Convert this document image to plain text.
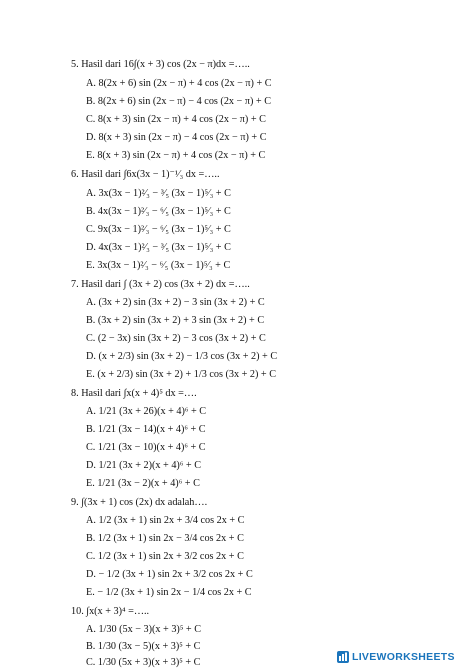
5. Hasil dari 16∫(x + 3) cos (2x − π)dx =…..
A. 8(2x + 6) sin (2x − π) + 4 cos (2x − π) + C
B. 8(2x + 6) sin (2x − π) − 4 cos (2x − π) + C
C. 8(x + 3) sin (2x − π) + 4 cos (2x − π) + C
D. 8(x + 3) sin (2x − π) − 4 cos (2x − π) + C
E. 8(x + 3) sin (2x − π) + 4 cos (2x − π) + C
6. Hasil dari ∫6x(3x − 1)⁻¹⁄₃ dx =…..
A. 3x(3x − 1)²⁄₃ − ³⁄₅ (3x − 1)⁵⁄₃ + C
B. 4x(3x − 1)²⁄₃ − ⁶⁄₅ (3x − 1)⁵⁄₃ + C
C. 9x(3x − 1)²⁄₃ − ⁶⁄₅ (3x − 1)⁵⁄₃ + C
D. 4x(3x − 1)²⁄₃ − ³⁄₅ (3x − 1)⁵⁄₃ + C
E. 3x(3x − 1)²⁄₃ − ⁶⁄₅ (3x − 1)⁵⁄₃ + C
7. Hasil dari ∫ (3x + 2) cos (3x + 2) dx =…..
A. (3x + 2) sin (3x + 2) − 3 sin (3x + 2) + C
B. (3x + 2) sin (3x + 2) + 3 sin (3x + 2) + C
C. (2 − 3x) sin (3x + 2) − 3 cos (3x + 2) + C
D. (x + 2/3) sin (3x + 2) − 1/3 cos (3x + 2) + C
E. (x + 2/3) sin (3x + 2) + 1/3 cos (3x + 2) + C
8. Hasil dari ∫x(x + 4)⁵ dx =….
A. 1/21 (3x + 26)(x + 4)⁶ + C
B. 1/21 (3x − 14)(x + 4)⁶ + C
C. 1/21 (3x − 10)(x + 4)⁶ + C
D. 1/21 (3x + 2)(x + 4)⁶ + C
E. 1/21 (3x − 2)(x + 4)⁶ + C
9. ∫(3x + 1) cos (2x) dx adalah….
A. 1/2 (3x + 1) sin 2x + 3/4 cos 2x + C
B. 1/2 (3x + 1) sin 2x − 3/4 cos 2x + C
C. 1/2 (3x + 1) sin 2x + 3/2 cos 2x + C
D. − 1/2 (3x + 1) sin 2x + 3/2 cos 2x + C
E. − 1/2 (3x + 1) sin 2x − 1/4 cos 2x + C
10. ∫x(x + 3)⁴ =…..
A. 1/30 (5x − 3)(x + 3)⁵ + C
B. 1/30 (3x − 5)(x + 3)⁵ + C
C. 1/30 (5x + 3)(x + 3)⁵ + C	LIVEWORKSHEETS
